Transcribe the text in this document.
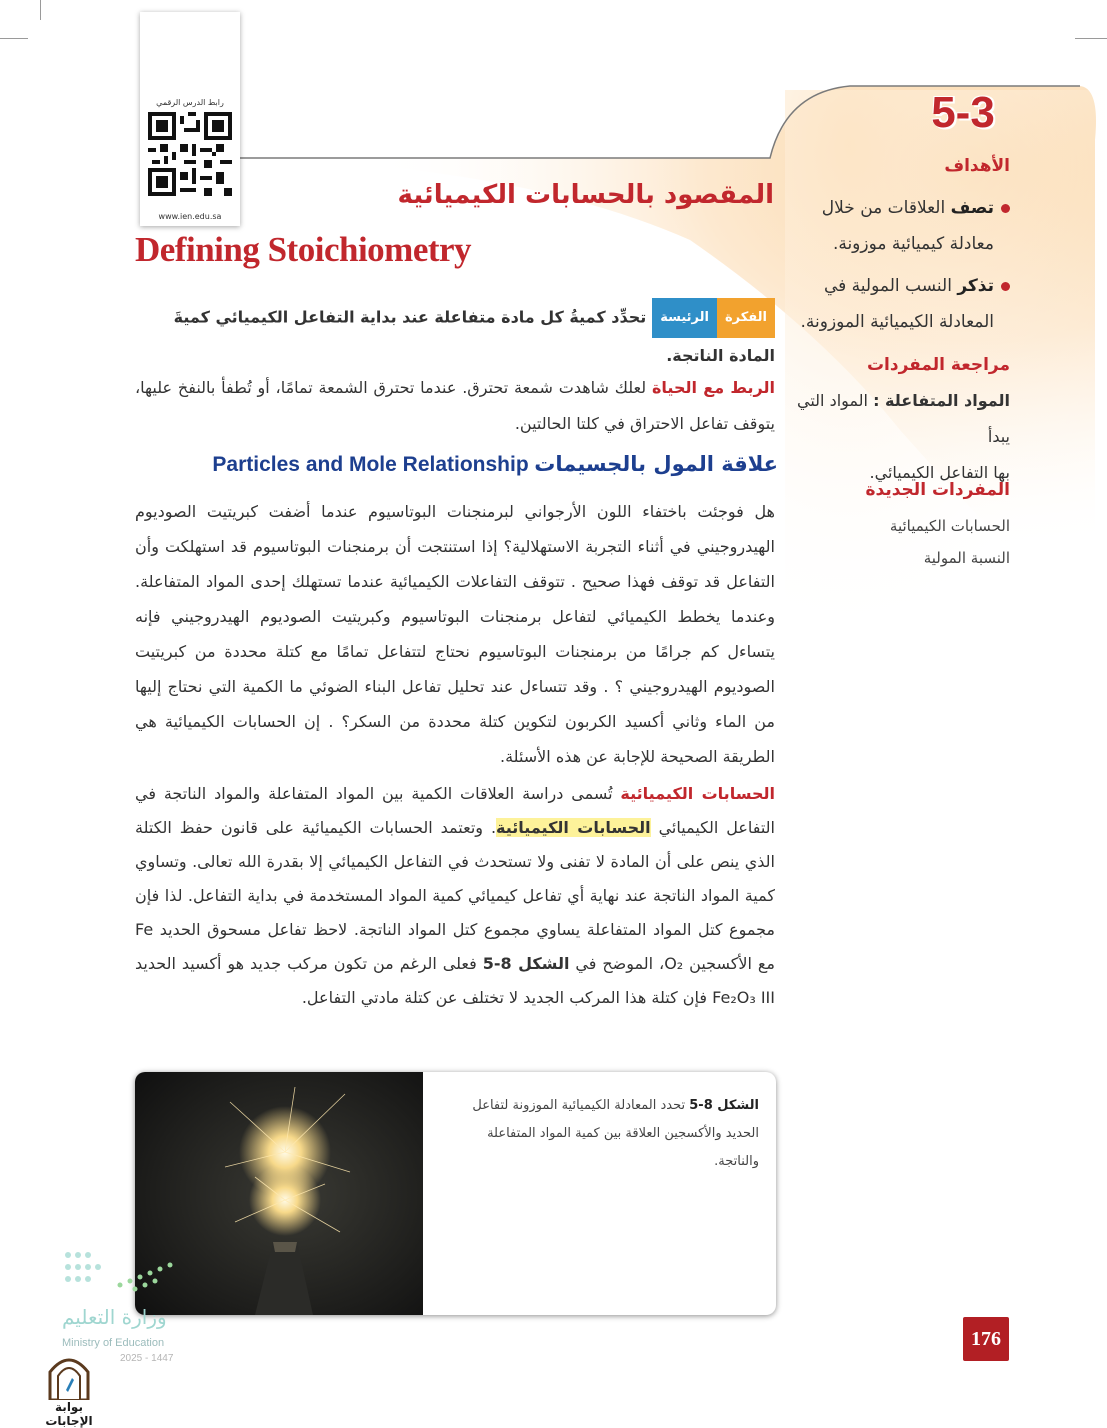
رابط الدرس الرقمي
www.ien.edu.sa
5-3
الأهداف
تصف العلاقات من خلال
معادلة كيميائية موزونة.
تذكر النسب المولية في
المعادلة الكيميائية الموزونة.
مراجعة المفردات
المواد المتفاعلة : المواد التي يبدأ
بها التفاعل الكيميائي.
المفردات الجديدة
الحسابات الكيميائية
النسبة المولية
المقصود بالحسابات الكيميائية
Defining Stoichiometry
الفكرة
الرئيسة
تحدِّد كميةُ كل مادة متفاعلة عند بداية التفاعل الكيميائي كميةَ المادة الناتجة.
الربط مع الحياة لعلك شاهدت شمعة تحترق. عندما تحترق الشمعة تمامًا، أو تُطفأ بالنفخ عليها، يتوقف تفاعل الاحتراق في كلتا الحالتين.
علاقة المول بالجسيمات Particles and Mole Relationship
هل فوجئت باختفاء اللون الأرجواني لبرمنجنات البوتاسيوم عندما أضفت كبريتيت الصوديوم الهيدروجيني في أثناء التجربة الاستهلالية؟ إذا استنتجت أن برمنجنات البوتاسيوم قد استهلكت وأن التفاعل قد توقف فهذا صحيح . تتوقف التفاعلات الكيميائية عندما تستهلك إحدى المواد المتفاعلة. وعندما يخطط الكيميائي لتفاعل برمنجنات البوتاسيوم وكبريتيت الصوديوم الهيدروجيني فإنه يتساءل كم جرامًا من برمنجنات البوتاسيوم نحتاج لتتفاعل تمامًا مع كتلة محددة من كبريتيت الصوديوم الهيدروجيني ؟ . وقد تتساءل عند تحليل تفاعل البناء الضوئي ما الكمية التي نحتاج إليها من الماء وثاني أكسيد الكربون لتكوين كتلة محددة من السكر؟ . إن الحسابات الكيميائية هي الطريقة الصحيحة للإجابة عن هذه الأسئلة.
الحسابات الكيميائية تُسمى دراسة العلاقات الكمية بين المواد المتفاعلة والمواد الناتجة في التفاعل الكيميائي الحسابات الكيميائية. وتعتمد الحسابات الكيميائية على قانون حفظ الكتلة الذي ينص على أن المادة لا تفنى ولا تستحدث في التفاعل الكيميائي إلا بقدرة الله تعالى. وتساوي كمية المواد الناتجة عند نهاية أي تفاعل كيميائي كمية المواد المستخدمة في بداية التفاعل. لذا فإن مجموع كتل المواد المتفاعلة يساوي مجموع كتل المواد الناتجة. لاحظ تفاعل مسحوق الحديد Fe مع الأكسجين O₂، الموضح في الشكل 8-5 فعلى الرغم من تكون مركب جديد هو أكسيد الحديد Fe₂O₃ III فإن كتلة هذا المركب الجديد لا تختلف عن كتلة مادتي التفاعل.
الشكل 8-5 تحدد المعادلة الكيميائية الموزونة لتفاعل الحديد والأكسجين العلاقة بين كمية المواد المتفاعلة والناتجة.
176
وزارة التعليم
Ministry of Education
2025 - 1447
بوابة الإجابات
